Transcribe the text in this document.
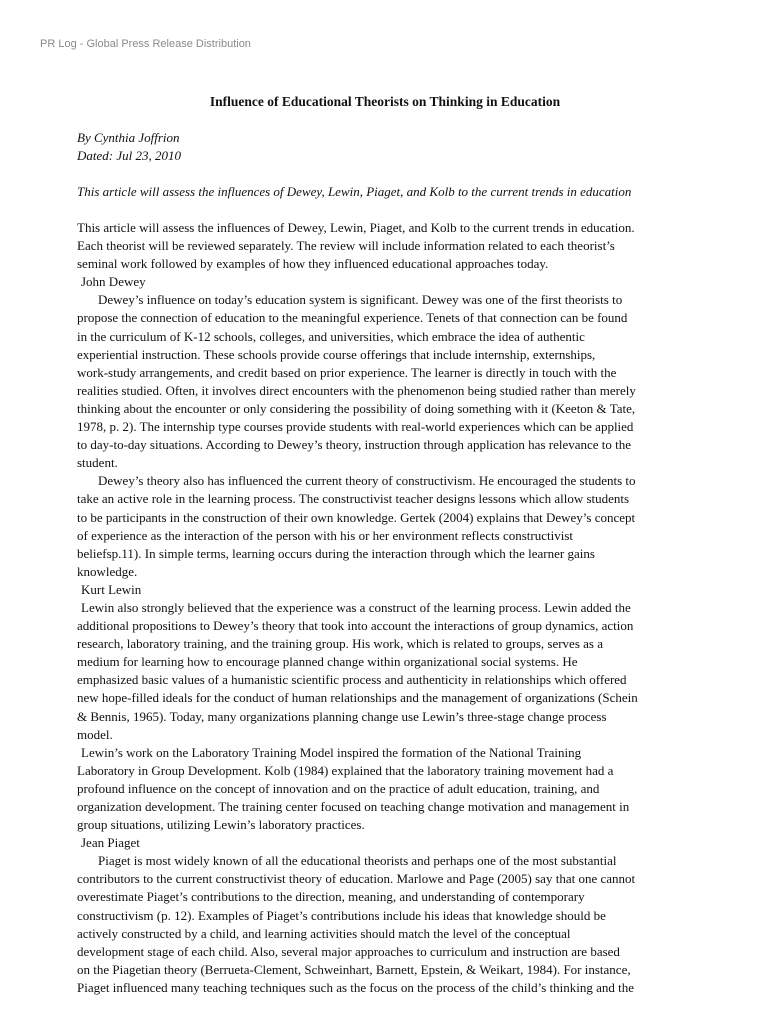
PR Log - Global Press Release Distribution

Influence of Educational Theorists on Thinking in Education

By Cynthia Joffrion

Dated: Jul 23, 2010

This article will assess the influences of Dewey, Lewin, Piaget, and Kolb to the current trends in education

This article will assess the influences of Dewey, Lewin, Piaget, and Kolb to the current trends in education.
Each theorist will be reviewed separately. The review will include information related to each theorist’s
seminal work followed by examples of how they influenced educational approaches today.
John Dewey
Dewey’s influence on today’s education system is significant. Dewey was one of the first theorists to
propose the connection of education to the meaningful experience. Tenets of that connection can be found
in the curriculum of K-12 schools, colleges, and universities, which embrace the idea of authentic
experiential instruction. These schools provide course offerings that include internship, externships,
work-study arrangements, and credit based on prior experience. The learner is directly in touch with the
realities studied. Often, it involves direct encounters with the phenomenon being studied rather than merely
thinking about the encounter or only considering the possibility of doing something with it (Keeton & Tate,
1978, p. 2). The internship type courses provide students with real-world experiences which can be applied
to day-to-day situations. According to Dewey’s theory, instruction through application has relevance to the
student.
Dewey’s theory also has influenced the current theory of constructivism. He encouraged the students to
take an active role in the learning process. The constructivist teacher designs lessons which allow students
to be participants in the construction of their own knowledge. Gertek (2004) explains that Dewey’s concept
of experience as the interaction of the person with his or her environment reflects constructivist
beliefsp.11). In simple terms, learning occurs during the interaction through which the learner gains
knowledge.
Kurt Lewin
Lewin also strongly believed that the experience was a construct of the learning process. Lewin added the
additional propositions to Dewey’s theory that took into account the interactions of group dynamics, action
research, laboratory training, and the training group. His work, which is related to groups, serves as a
medium for learning how to encourage planned change within organizational social systems. He
emphasized basic values of a humanistic scientific process and authenticity in relationships which offered
new hope-filled ideals for the conduct of human relationships and the management of organizations (Schein
& Bennis, 1965). Today, many organizations planning change use Lewin’s three-stage change process
model.
Lewin’s work on the Laboratory Training Model inspired the formation of the National Training
Laboratory in Group Development. Kolb (1984) explained that the laboratory training movement had a
profound influence on the concept of innovation and on the practice of adult education, training, and
organization development. The training center focused on teaching change motivation and management in
group situations, utilizing Lewin’s laboratory practices.
Jean Piaget
Piaget is most widely known of all the educational theorists and perhaps one of the most substantial
contributors to the current constructivist theory of education. Marlowe and Page (2005) say that one cannot
overestimate Piaget’s contributions to the direction, meaning, and understanding of contemporary
constructivism (p. 12). Examples of Piaget’s contributions include his ideas that knowledge should be
actively constructed by a child, and learning activities should match the level of the conceptual
development stage of each child. Also, several major approaches to curriculum and instruction are based
on the Piagetian theory (Berrueta-Clement, Schweinhart, Barnett, Epstein, & Weikart, 1984). For instance,
Piaget influenced many teaching techniques such as the focus on the process of the child’s thinking and the
